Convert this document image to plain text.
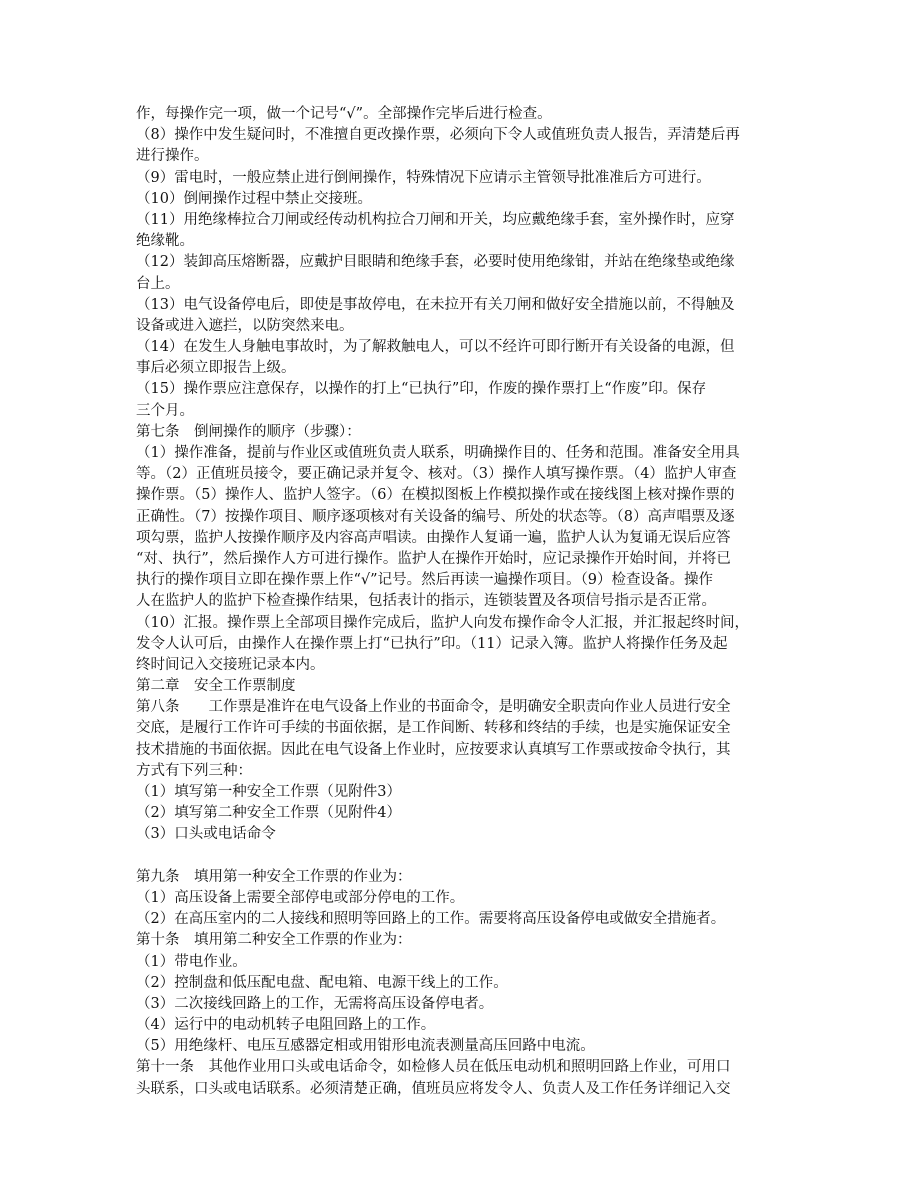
作，每操作完一项，做一个记号“√”。全部操作完毕后进行检查。
（8）操作中发生疑问时，不准擅自更改操作票，必须向下令人或值班负责人报告，弄清楚后再
进行操作。
（9）雷电时，一般应禁止进行倒闸操作，特殊情况下应请示主管领导批准准后方可进行。
（10）倒闸操作过程中禁止交接班。
（11）用绝缘棒拉合刀闸或经传动机构拉合刀闸和开关，均应戴绝缘手套，室外操作时，应穿
绝缘靴。
（12）装卸高压熔断器，应戴护目眼睛和绝缘手套，必要时使用绝缘钳，并站在绝缘垫或绝缘
台上。
（13）电气设备停电后，即使是事故停电，在未拉开有关刀闸和做好安全措施以前，不得触及
设备或进入遮拦，以防突然来电。
（14）在发生人身触电事故时，为了解救触电人，可以不经许可即行断开有关设备的电源，但
事后必须立即报告上级。
（15）操作票应注意保存，以操作的打上“已执行”印，作废的操作票打上“作废”印。保存
三个月。
第七条　倒闸操作的顺序（步骤）：
（1）操作准备，提前与作业区或值班负责人联系，明确操作目的、任务和范围。准备安全用具
等。（2）正值班员接令，要正确记录并复令、核对。（3）操作人填写操作票。（4）监护人审查
操作票。（5）操作人、监护人签字。（6）在模拟图板上作模拟操作或在接线图上核对操作票的
正确性。（7）按操作项目、顺序逐项核对有关设备的编号、所处的状态等。（8）高声唱票及逐
项勾票，监护人按操作顺序及内容高声唱读。由操作人复诵一遍，监护人认为复诵无误后应答
“对、执行”，然后操作人方可进行操作。监护人在操作开始时，应记录操作开始时间，并将已
执行的操作项目立即在操作票上作“√”记号。然后再读一遍操作项目。（9）检查设备。操作
人在监护人的监护下检查操作结果，包括表计的指示，连锁装置及各项信号指示是否正常。
（10）汇报。操作票上全部项目操作完成后，监护人向发布操作命令人汇报，并汇报起终时间，
发令人认可后，由操作人在操作票上打“已执行”印。（11）记录入簿。监护人将操作任务及起
终时间记入交接班记录本内。
第二章　安全工作票制度
第八条　　工作票是准许在电气设备上作业的书面命令，是明确安全职责向作业人员进行安全
交底，是履行工作许可手续的书面依据，是工作间断、转移和终结的手续，也是实施保证安全
技术措施的书面依据。因此在电气设备上作业时，应按要求认真填写工作票或按命令执行，其
方式有下列三种：
（1）填写第一种安全工作票（见附件3）
（2）填写第二种安全工作票（见附件4）
（3）口头或电话命令
第九条　填用第一种安全工作票的作业为：
（1）高压设备上需要全部停电或部分停电的工作。
（2）在高压室内的二人接线和照明等回路上的工作。需要将高压设备停电或做安全措施者。
第十条　填用第二种安全工作票的作业为：
（1）带电作业。
（2）控制盘和低压配电盘、配电箱、电源干线上的工作。
（3）二次接线回路上的工作，无需将高压设备停电者。
（4）运行中的电动机转子电阻回路上的工作。
（5）用绝缘杆、电压互感器定相或用钳形电流表测量高压回路中电流。
第十一条　其他作业用口头或电话命令，如检修人员在低压电动机和照明回路上作业，可用口
头联系，口头或电话联系。必须清楚正确，值班员应将发令人、负责人及工作任务详细记入交
